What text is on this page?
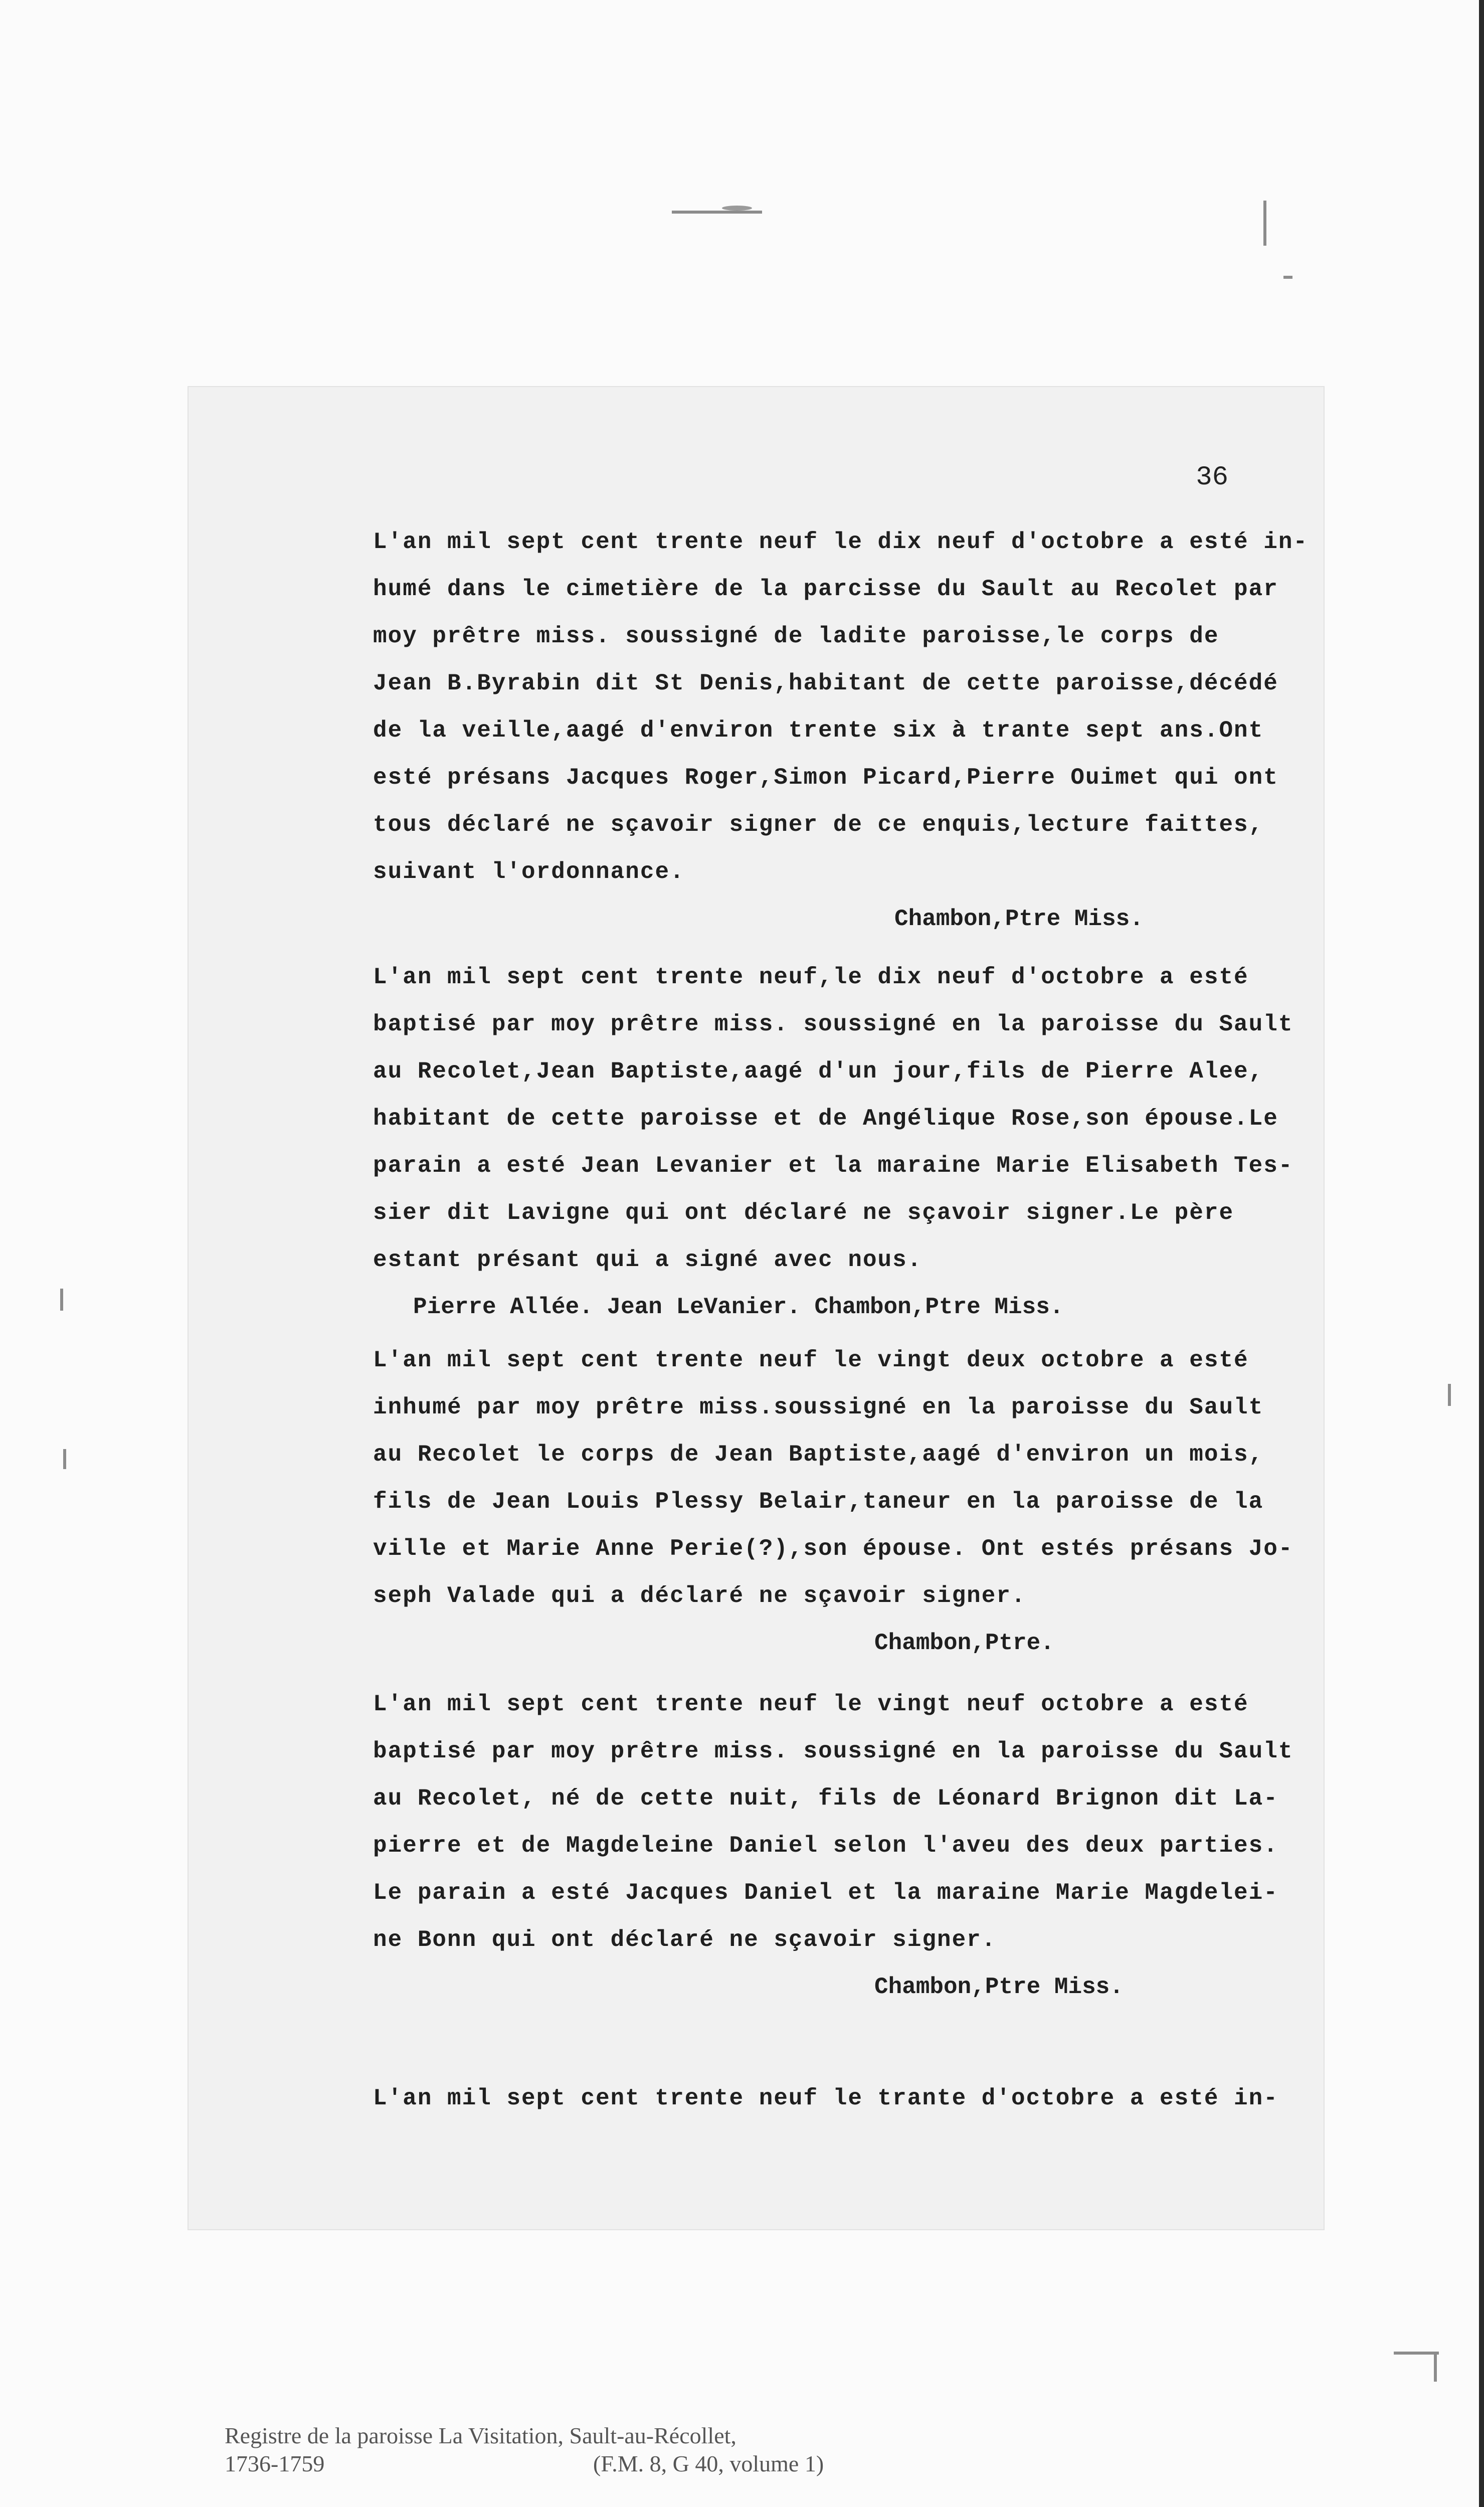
36
L'an mil sept cent trente neuf le dix neuf d'octobre a esté in-
humé dans le cimetière de la parcisse du Sault au Recolet par
moy prêtre miss. soussigné de ladite paroisse,le corps de
Jean B.Byrabin dit St Denis,habitant de cette paroisse,décédé
de la veille,aagé d'environ trente six à trante sept ans.Ont
esté présans Jacques Roger,Simon Picard,Pierre Ouimet qui ont
tous déclaré ne sçavoir signer de ce enquis,lecture faittes,
suivant l'ordonnance.
Chambon,Ptre Miss.
L'an mil sept cent trente neuf,le dix neuf d'octobre a esté
baptisé par moy prêtre miss. soussigné en la paroisse du Sault
au Recolet,Jean Baptiste,aagé d'un jour,fils de Pierre Alee,
habitant de cette paroisse et de Angélique Rose,son épouse.Le
parain a esté Jean Levanier et la maraine Marie Elisabeth Tes-
sier dit Lavigne qui ont déclaré ne sçavoir signer.Le père
estant présant qui a signé avec nous.
Pierre Allée. Jean LeVanier. Chambon,Ptre Miss.
L'an mil sept cent trente neuf le vingt deux octobre a esté
inhumé par moy prêtre miss.soussigné en la paroisse du Sault
au Recolet le corps de Jean Baptiste,aagé d'environ un mois,
fils de Jean Louis Plessy Belair,taneur en la paroisse de la
ville et Marie Anne Perie(?),son épouse. Ont estés présans Jo-
seph Valade qui a déclaré ne sçavoir signer.
Chambon,Ptre.
L'an mil sept cent trente neuf le vingt neuf octobre a esté
baptisé par moy prêtre miss. soussigné en la paroisse du Sault
au Recolet, né de cette nuit, fils de Léonard Brignon dit La-
pierre et de Magdeleine Daniel selon l'aveu des deux parties.
Le parain a esté Jacques Daniel et la maraine Marie Magdelei-
ne Bonn qui ont déclaré ne sçavoir signer.
Chambon,Ptre Miss.
L'an mil sept cent trente neuf le trante d'octobre a esté in-
Registre de la paroisse La Visitation, Sault-au-Récollet,
1736-1759	(F.M. 8, G 40, volume 1)
